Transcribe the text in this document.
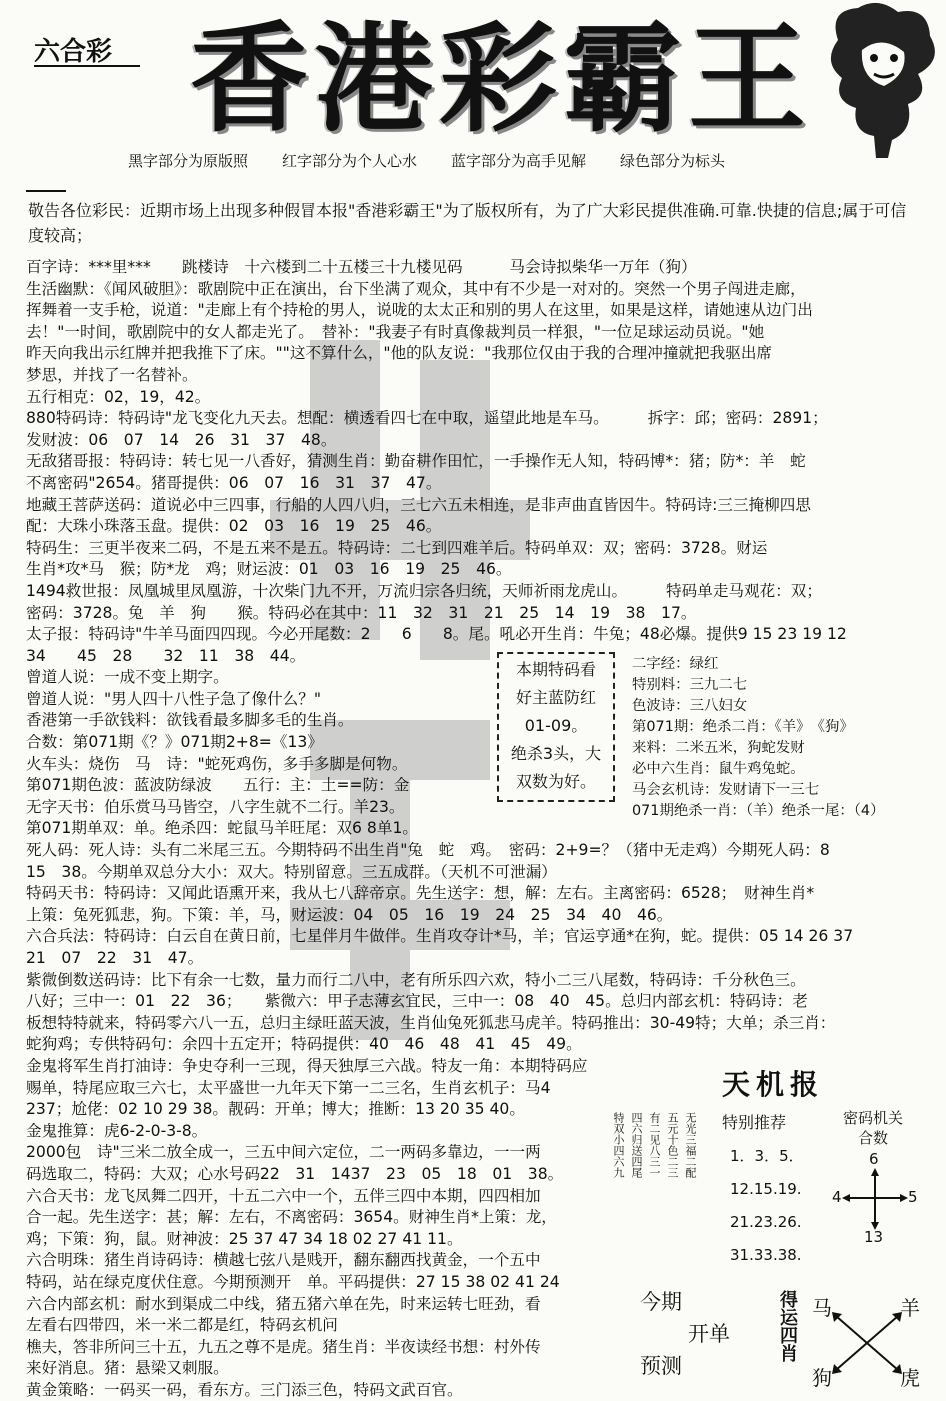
六合彩 香 港 彩 霸 王
黑字部分为原版照 红字部分为个人心水 蓝字部分为高手见解 绿色部分为标头
敬告各位彩民：近期市场上出现多种假冒本报"香港彩霸王"为了版权所有，为了广大彩民提供准确.可靠.快捷的信息;属于可信度较高；

百字诗：***里***　　跳楼诗　十六楼到二十五楼三十九楼见码　　　马会诗拟柴华一万年（狗）

生活幽默：《闻风破胆》：歌剧院中正在演出，台下坐满了观众，其中有不少是一对对的。突然一个男子闯进走廊，

挥舞着一支手枪，说道："走廊上有个持枪的男人，说咙的太太正和别的男人在这里，如果是这样，请她速从边门出

去！"一时间，歌剧院中的女人都走光了。　替补："我妻子有时真像裁判员一样狠，"一位足球运动员说。"她

昨天向我出示红牌并把我推下了床。""这不算什么，"他的队友说："我那位仅由于我的合理冲撞就把我驱出席

梦思，并找了一名替补。

五行相克：02，19，42。

880特码诗：特码诗"龙飞变化九天去。想配：横透看四七在中取，遥望此地是车马。　　　拆字：邱；密码：2891；

发财波：06　07　14　26　31　37　48。

无敌猪哥报：特码诗：转七见一八香好，猜测生肖：勤奋耕作田忙，一手操作无人知，特码博*：猪；防*：羊　蛇

不离密码"2654。猪哥提供：06　07　16　31　37　47。

地藏王菩萨送码：道说必中三四事，行船的人四八归，三七六五未相连，是非声曲直皆因牛。特码诗:三三掩柳四思

配：大珠小珠落玉盘。提供：02　03　16　19　25　46。

特码生：三更半夜来二码，不是五来不是五。特码诗：二七到四难羊后。特码单双：双；密码：3728。财运

生肖*攻*马　猴；防*龙　鸡；财运波：01　03　16　19　25　46。

1494救世报：凤凰城里凤凰游，十次柴门九不开，万流归宗各归统，天师祈雨龙虎山。　　　特码单走马观花：双；

密码：3728。兔　羊　狗　　猴。特码必在其中：11　32　31　21　25　14　19　38　17。

太子报：特码诗"牛羊马面四四现。今必开尾数：2　　6　　8。尾。吼必开生肖：牛兔；48必爆。提供9 15 23 19 12

34　　45　28　　32　11　38　44。

曾道人说：一成不变上期字。

曾道人说："男人四十八性子急了像什么？"

香港第一手欲钱料：欲钱看最多脚多毛的生肖。

合数：第071期《？》071期2+8=《13》

火车头：烧伤　马　诗："蛇死鸡伤，多手多脚是何物。

第071期色波：蓝波防绿波　　五行：主：土==防：金

无字天书：伯乐赏马马皆空，八字生就不二行。羊23。

第071期单双：单。绝杀四：蛇鼠马羊旺尾：双6 8单1。

死人码：死人诗：头有二米尾三五。今期特码不出生肖"兔　蛇　鸡。　密码：2+9=？（猪中无走鸡）今期死人码：8

15　38。今期单双总分大小：双大。特别留意。三五成群。（天机不可泄漏）

特码天书：特码诗：又闻此语熏开来，我从七八辞帝京。先生送字：想，解：左右。主离密码：6528；　财神生肖*

上策：兔死狐悲，狗。下策：羊，马，财运波：04　05　16　19　24　25　34　40　46。

六合兵法：特码诗：白云自在黄日前，七星伴月牛做伴。生肖攻夺计*马，羊；官运亨通*在狗，蛇。提供：05 14 26 37

21　07　22　31　47。

紫微倒数送码诗：比下有余一七数，量力而行二八中，老有所乐四六欢，特小二三八尾数，特码诗：千分秋色三。

八好；三中一：01　22　36；　　紫微六：甲子志薄玄宜民，三中一：08　40　45。总归内部玄机：特码诗：老

板想特特就来，特码零六八一五，总归主绿旺蓝天波，生肖仙兔死狐悲马虎羊。特码推出：30-49特；大单；杀三肖：

蛇狗鸡；专供特码句：余四十五定开；特码提供：40　46　48　41　45　49。

金鬼将军生肖打油诗：争史夺利一三现，得天独厚三六战。特友一角：本期特码应

赐单，特尾应取三六七，太平盛世一九年天下第一二三名，生肖玄机子：马4

237；尬佬：02 10 29 38。靓码：开单；博大；推断：13 20 35 40。

金鬼推算：虎6-2-0-3-8。

2000包　诗"三米二放全成一，三五中间六定位，二一两码多靠边，一一两

码选取二，特码：大双；心水号码22　31　1437　23　05　18　01　38。

六合天书：龙飞凤舞二四开，十五二六中一个，五伴三四中本期，四四相加

合一起。先生送字：甚；解：左右，不离密码：3654。财神生肖*上策：龙，

鸡；下策：狗，鼠。财神波：25 37 47 34 18 02 27 41 11。

六合明珠：猪生肖诗码诗：横越七弦八是贱开，翻东翻西找黄金，一个五中

特码，站在绿克度伏住意。今期预测开　单。平码提供：27 15 38 02 41 24

六合内部玄机：耐水到渠成二中线，猪五猪六单在先，时来运转七旺劲，看

左看右四带四，米一米二都是红，特码玄机问

樵夫，答非所问三十五，九五之尊不是虎。猪生肖：半夜读经书想：村外传

来好消息。猪：悬梁又刺服。

黄金策略：一码买一码，看东方。三门添三色，特码文武百官。

本期特码看
好主蓝防红
01-09。
绝杀3头，大
双数为好。
二字经：绿红
特别料：三九二七
色波诗：三八妇女
第071期：绝杀二肖：《羊》　《狗》
来料：二米五米，狗蛇发财
必中六生肖：鼠牛鸡兔蛇。
马会玄机诗：发财请下一三七
071期绝杀一肖：（羊）绝杀一尾：（4）
天机报
特双小四六九 四六归送四尾 有二见八三一 五元十色二三 无光三福二配 特别推荐
1．3．5．
12.15.19.
21.23.26.
31.33.38.
密码机关
合数
6
4	5
13
今期
开单
预测
得运四肖 马	羊
狗	虎
